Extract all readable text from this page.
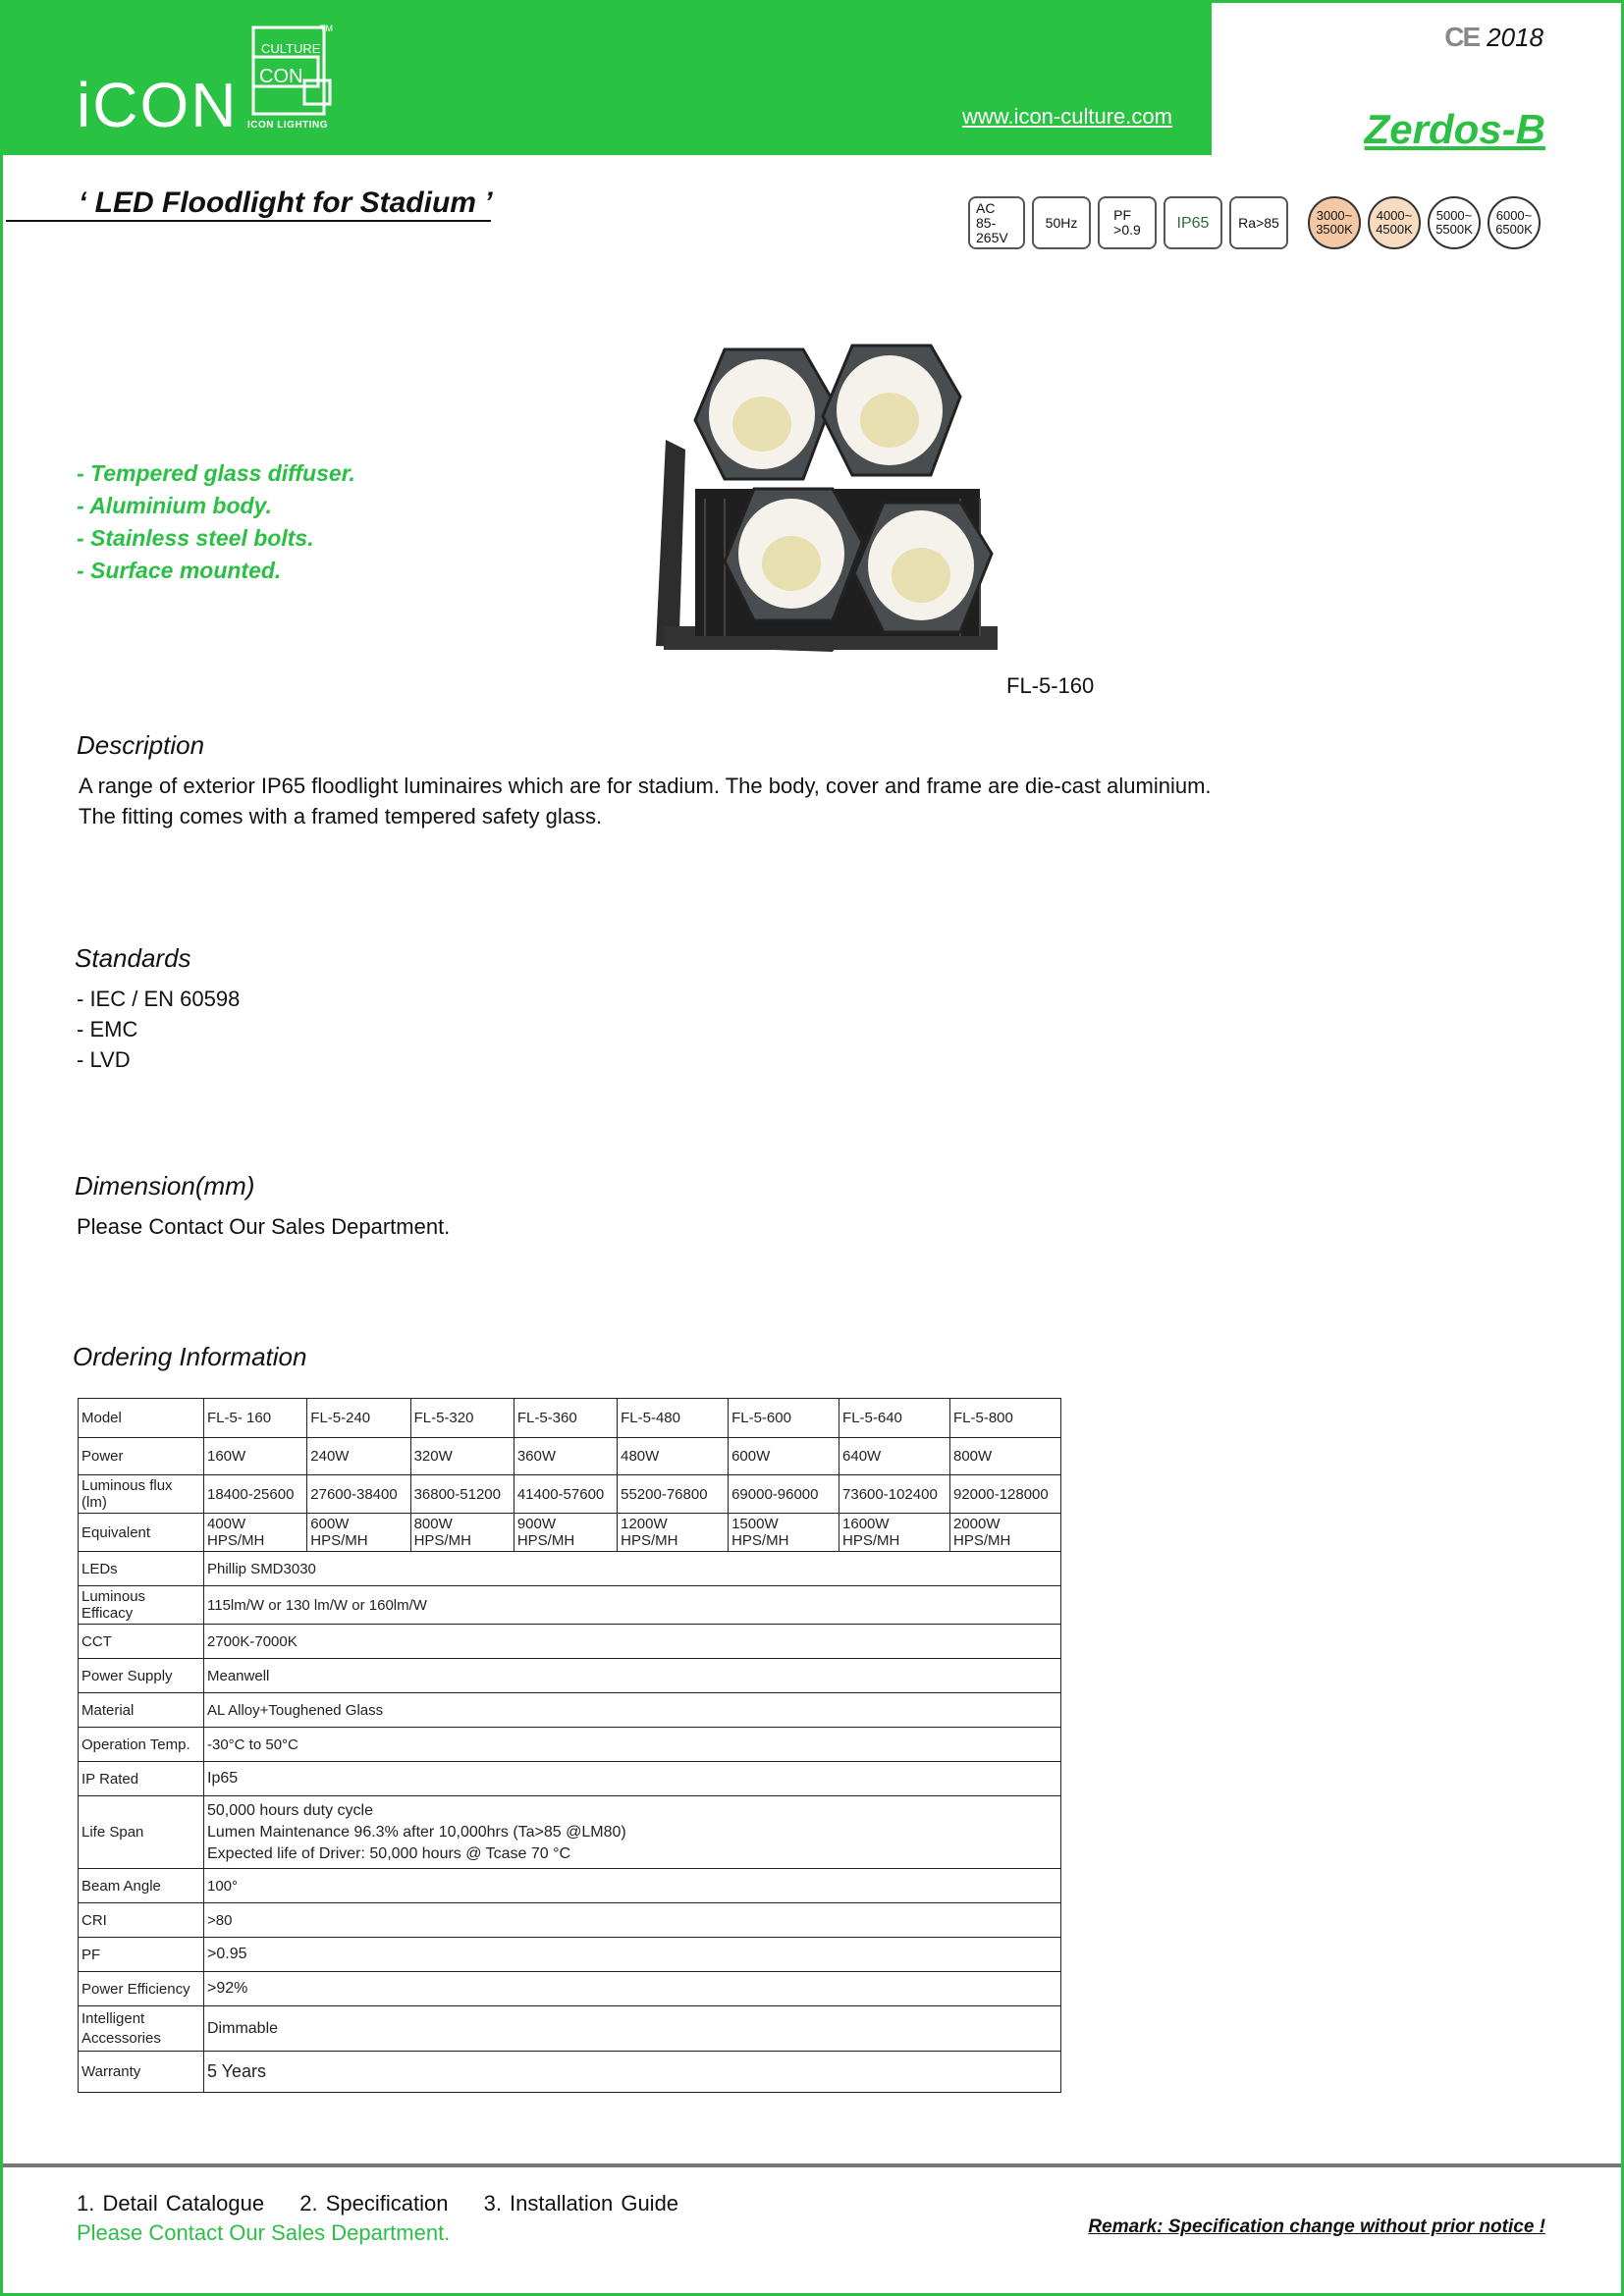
iCON
CULTURE
CON
TM
ICON LIGHTING	www.icon-culture.com
CE 2018
Zerdos-B
‘ LED Floodlight for Stadium ’	AC 85-
265V
50Hz	PF
>0.9 IP65 Ra>85	3000~
3500K
4000~
4500K
5000~
5500K
6000~
6500K
- Tempered glass diffuser.
- Aluminium body.
- Stainless steel bolts.
- Surface mounted.
FL-5-160
Description
A range of exterior IP65 floodlight luminaires which are for stadium. The body, cover and frame are die-cast aluminium.
The fitting comes with a framed tempered safety glass.
Standards
- IEC / EN 60598
- EMC
- LVD
Dimension(mm)
Please Contact Our Sales Department.
Ordering Information
Model	FL-5- 160	FL-5-240	FL-5-320	FL-5-360	FL-5-480	FL-5-600	FL-5-640	FL-5-800
Power	160W	240W	320W	360W	480W	600W	640W	800W
Luminous flux (lm)	18400-25600	27600-38400	36800-51200	41400-57600	55200-76800	69000-96000	73600-102400	92000-128000
Equivalent	400W HPS/MH	600W HPS/MH	800W HPS/MH	900W HPS/MH	1200W HPS/MH	1500W HPS/MH	1600W HPS/MH	2000W HPS/MH
LEDs	Phillip SMD3030							
Luminous Efficacy	115lm/W or 130 lm/W or 160lm/W							
CCT	2700K-7000K							
Power Supply	Meanwell							
Material	AL Alloy+Toughened Glass							
Operation Temp.	-30°C to 50°C							
IP Rated	Ip65							
Life Span	50,000 hours duty cycle
Lumen Maintenance 96.3% after 10,000hrs (Ta>85 @LM80)
Expected life of Driver: 50,000 hours @ Tcase 70 °C							

Beam Angle	100°							
CRI	>80							
PF	>0.95							
Power Efficiency	>92%							

Intelligent
Accessories	Dimmable							
Warranty	5 Years							
1. Detail Catalogue 2. Specification 3. Installation Guide
Please Contact Our Sales Department.	Remark: Specification change without prior notice !
